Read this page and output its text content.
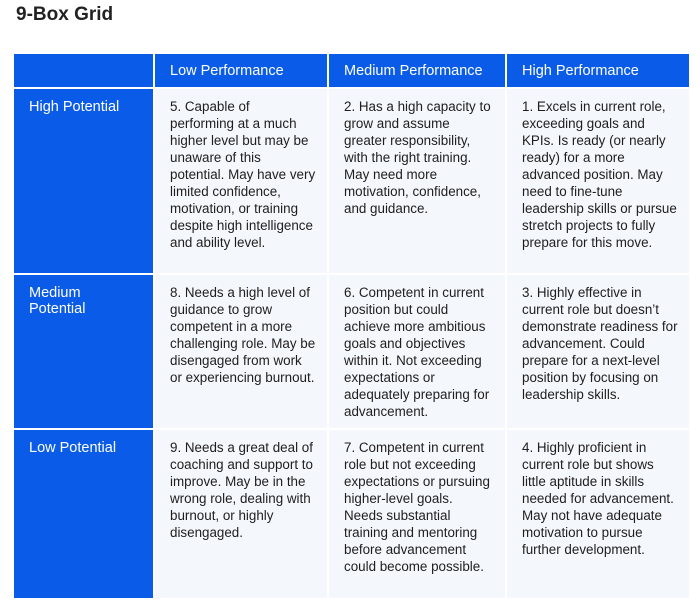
9-Box Grid
	Low Performance	Medium Performance	High Performance
High Potential	5. Capable of performing at a much higher level but may be unaware of this potential. May have very limited confidence, motivation, or training despite high intelligence and ability level.	2. Has a high capacity to grow and assume greater responsibility, with the right training. May need more motivation, confidence, and guidance.	1. Excels in current role, exceeding goals and KPIs. Is ready (or nearly ready) for a more advanced position. May need to fine-tune leadership skills or pursue stretch projects to fully prepare for this move.
Medium Potential	8. Needs a high level of guidance to grow competent in a more challenging role. May be disengaged from work or experiencing burnout.	6. Competent in current position but could achieve more ambitious goals and objectives within it. Not exceeding expectations or adequately preparing for advancement.	3. Highly effective in current role but doesn’t demonstrate readiness for advancement. Could prepare for a next-level position by focusing on leadership skills.
Low Potential	9. Needs a great deal of coaching and support to improve. May be in the wrong role, dealing with burnout, or highly disengaged.	7. Competent in current role but not exceeding expectations or pursuing higher-level goals. Needs substantial training and mentoring before advancement could become possible.	4. Highly proficient in current role but shows little aptitude in skills needed for advancement. May not have adequate motivation to pursue further development.
